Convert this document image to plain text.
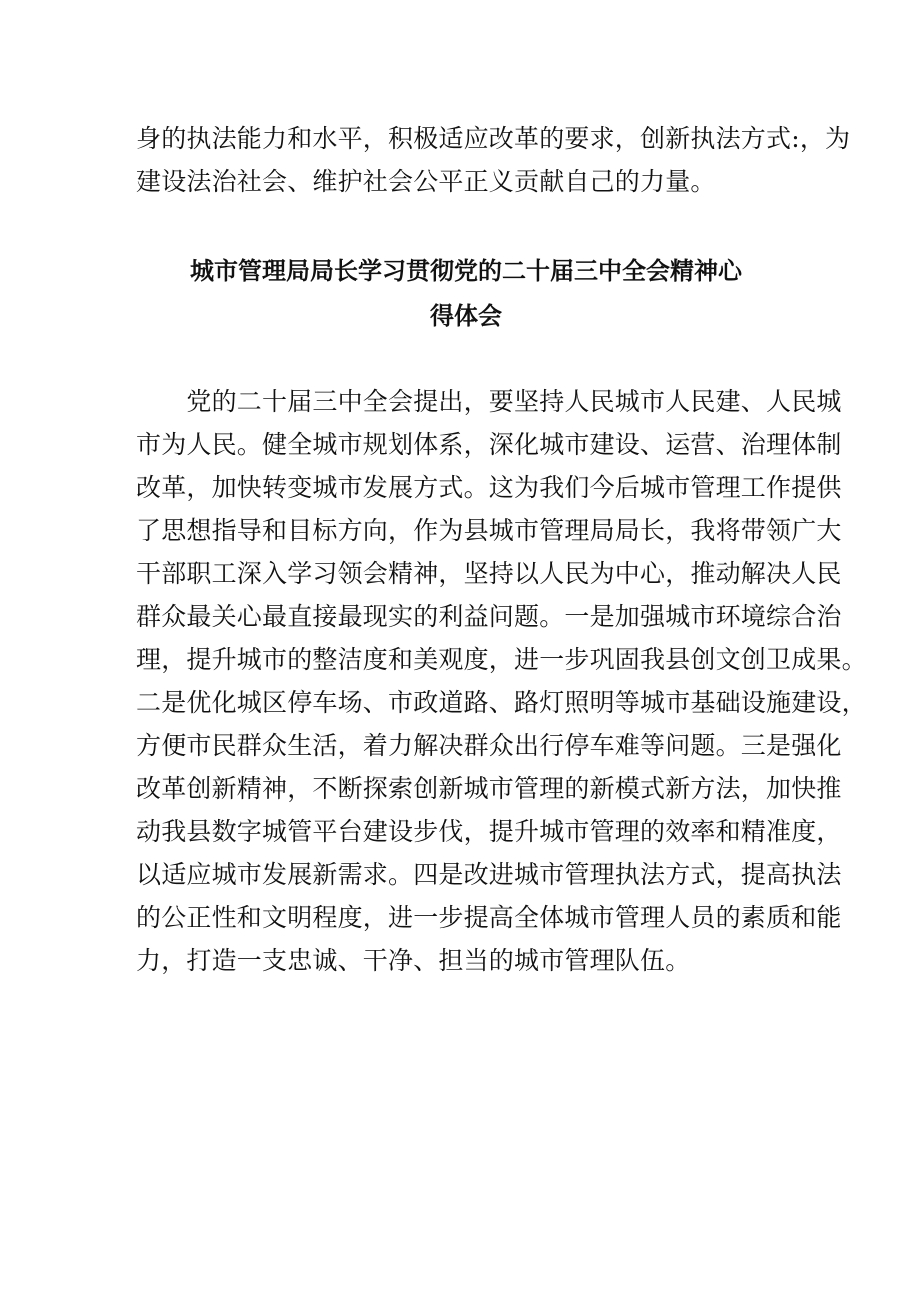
身的执法能力和水平，积极适应改革的要求，创新执法方式:，为
建设法治社会、维护社会公平正义贡献自己的力量。
城市管理局局长学习贯彻党的二十届三中全会精神心
得体会
　　党的二十届三中全会提出，要坚持人民城市人民建、人民城
市为人民。健全城市规划体系，深化城市建设、运营、治理体制
改革，加快转变城市发展方式。这为我们今后城市管理工作提供
了思想指导和目标方向，作为县城市管理局局长，我将带领广大
干部职工深入学习领会精神，坚持以人民为中心，推动解决人民
群众最关心最直接最现实的利益问题。一是加强城市环境综合治
理，提升城市的整洁度和美观度，进一步巩固我县创文创卫成果。
二是优化城区停车场、市政道路、路灯照明等城市基础设施建设，
方便市民群众生活，着力解决群众出行停车难等问题。三是强化
改革创新精神，不断探索创新城市管理的新模式新方法，加快推
动我县数字城管平台建设步伐，提升城市管理的效率和精准度，
以适应城市发展新需求。四是改进城市管理执法方式，提高执法
的公正性和文明程度，进一步提高全体城市管理人员的素质和能
力，打造一支忠诚、干净、担当的城市管理队伍。
